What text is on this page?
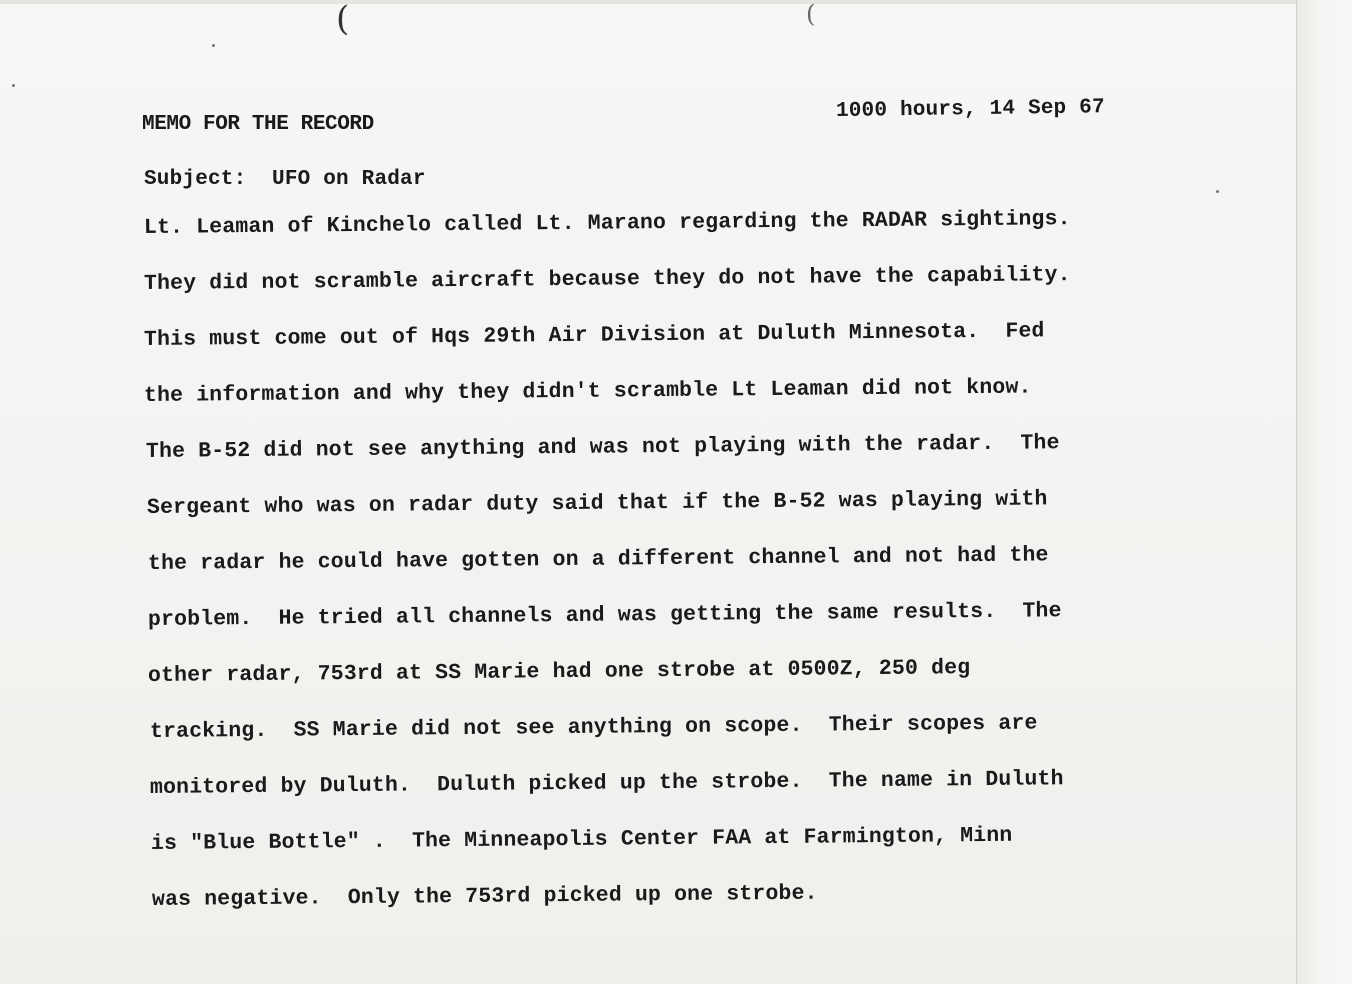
(	(
MEMO FOR THE RECORD
1000 hours, 14 Sep 67
Subject: UFO on Radar
Lt. Leaman of Kinchelo called Lt. Marano regarding the RADAR sightings.
They did not scramble aircraft because they do not have the capability.
This must come out of Hqs 29th Air Division at Duluth Minnesota.  Fed
the information and why they didn't scramble Lt Leaman did not know.
The B-52 did not see anything and was not playing with the radar.  The
Sergeant who was on radar duty said that if the B-52 was playing with
the radar he could have gotten on a different channel and not had the
problem.  He tried all channels and was getting the same results.  The
other radar, 753rd at SS Marie had one strobe at 0500Z, 250 deg
tracking.  SS Marie did not see anything on scope.  Their scopes are
monitored by Duluth.  Duluth picked up the strobe.  The name in Duluth
is "Blue Bottle" .  The Minneapolis Center FAA at Farmington, Minn
was negative.  Only the 753rd picked up one strobe.
